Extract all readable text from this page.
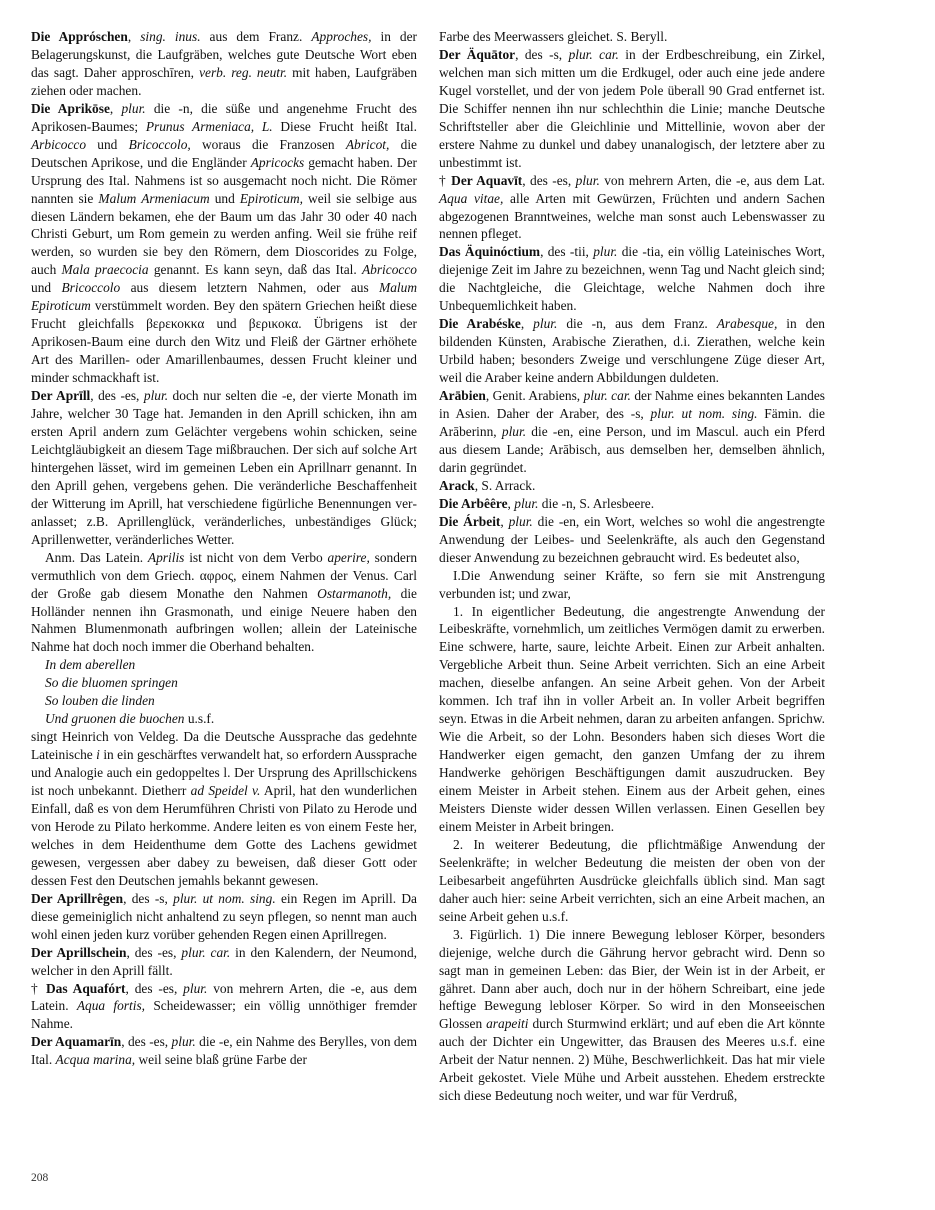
Die Appróschen, sing. inus. aus dem Franz. Approches, in der Belagerungskunst, die Laufgräben, welches gute Deutsche Wort eben das sagt. Daher approschīren, verb. reg. neutr. mit haben, Laufgräben ziehen oder machen.

Die Aprikōse, plur. die -n, die süße und angenehme Frucht des Aprikosen-Baumes; Prunus Armeniaca, L. Diese Frucht heißt Ital. Arbicocco und Bricoccolo, woraus die Franzosen Abricot, die Deutschen Aprikose, und die Engländer Apricocks gemacht haben. Der Ursprung des Ital. Nahmens ist so ausgemacht noch nicht. Die Römer nannten sie Malum Armeniacum und Epiroticum, weil sie selbige aus diesen Ländern bekamen, ehe der Baum um das Jahr 30 oder 40 nach Christi Geburt, um Rom gemein zu werden anfing. Weil sie frühe reif werden, so wurden sie bey den Römern, dem Dioscorides zu Folge, auch Mala praecocia genannt. Es kann seyn, daß das Ital. Abricocco und Bricoccolo aus diesem letztern Nahmen, oder aus Malum Epiroticum verstümmelt worden. Bey den spätern Griechen heißt diese Frucht gleichfalls βερεκοκκα und βερικοκα. Übrigens ist der Aprikosen-Baum eine durch den Witz und Fleiß der Gärtner erhöhete Art des Marillen- oder Amarillenbaumes, dessen Frucht kleiner und minder schmackhaft ist.

Der Aprīll, des -es, plur. doch nur selten die -e, der vierte Monath im Jahre, welcher 30 Tage hat. Jemanden in den Aprill schicken, ihn am ersten April andern zum Gelächter vergebens wohin schicken, seine Leichtgläubigkeit an diesem Tage mißbrauchen. Der sich auf solche Art hintergehen lässet, wird im gemeinen Leben ein Aprillnarr genannt. In den Aprill gehen, vergebens gehen. Die veränderliche Beschaffenheit der Witterung im Aprill, hat verschiedene figürliche Benennungen veranlasset; z.B. Aprillenglück, veränderliches, unbeständiges Glück; Aprillenwetter, veränderliches Wetter.

Anm. Das Latein. Aprilis ist nicht von dem Verbo aperire, sondern vermuthlich von dem Griech. αφρος, einem Nahmen der Venus. Carl der Große gab diesem Monathe den Nahmen Ostarmanoth, die Holländer nennen ihn Grasmonath, und einige Neuere haben den Nahmen Blumenmonath aufbringen wollen; allein der Lateinische Nahme hat doch noch immer die Oberhand behalten.

In dem aberellen

So die bluomen springen

So louben die linden

Und gruonen die buochen u.s.f.

singt Heinrich von Veldeg. Da die Deutsche Aussprache das gedehnte Lateinische i in ein geschärftes verwandelt hat, so erfordern Aussprache und Analogie auch ein gedoppeltes l. Der Ursprung des Aprillschickens ist noch unbekannt. Dietherr ad Speidel v. April, hat den wunderlichen Einfall, daß es von dem Herumführen Christi von Pilato zu Herode und von Herode zu Pilato herkomme. Andere leiten es von einem Feste her, welches in dem Heidenthume dem Gotte des Lachens gewidmet gewesen, vergessen aber dabey zu beweisen, daß dieser Gott oder dessen Fest den Deutschen jemahls bekannt gewesen.

Der Aprillrêgen, des -s, plur. ut nom. sing. ein Regen im Aprill. Da diese gemeiniglich nicht anhaltend zu seyn pflegen, so nennt man auch wohl einen jeden kurz vorüber gehenden Regen einen Aprillregen.

Der Aprillschein, des -es, plur. car. in den Kalendern, der Neumond, welcher in den Aprill fällt.

† Das Aquafórt, des -es, plur. von mehrern Arten, die -e, aus dem Latein. Aqua fortis, Scheidewasser; ein völlig unnöthiger fremder Nahme.

Der Aquamarīn, des -es, plur. die -e, ein Nahme des Berylles, von dem Ital. Acqua marina, weil seine blaß grüne Farbe der

Farbe des Meerwassers gleichet. S. Beryll.

Der Äquātor, des -s, plur. car. in der Erdbeschreibung, ein Zirkel, welchen man sich mitten um die Erdkugel, oder auch eine jede andere Kugel vorstellet, und der von jedem Pole überall 90 Grad entfernet ist. Die Schiffer nennen ihn nur schlechthin die Linie; manche Deutsche Schriftsteller aber die Gleichlinie und Mittellinie, wovon aber der erstere Nahme zu dunkel und dabey unanalogisch, der letztere aber zu unbestimmt ist.

† Der Aquavīt, des -es, plur. von mehrern Arten, die -e, aus dem Lat. Aqua vitae, alle Arten mit Gewürzen, Früchten und andern Sachen abgezogenen Branntweines, welche man sonst auch Lebenswasser zu nennen pfleget.

Das Äquinóctium, des -tii, plur. die -tia, ein völlig Lateinisches Wort, diejenige Zeit im Jahre zu bezeichnen, wenn Tag und Nacht gleich sind; die Nachtgleiche, die Gleichtage, welche Nahmen doch ihre Unbequemlichkeit haben.

Die Arabéske, plur. die -n, aus dem Franz. Arabesque, in den bildenden Künsten, Arabische Zierathen, d.i. Zierathen, welche kein Urbild haben; besonders Zweige und verschlungene Züge dieser Art, weil die Araber keine andern Abbildungen duldeten.

Arābien, Genit. Arabiens, plur. car. der Nahme eines bekannten Landes in Asien. Daher der Araber, des -s, plur. ut nom. sing. Fämin. die Arāberinn, plur. die -en, eine Person, und im Mascul. auch ein Pferd aus diesem Lande; Arābisch, aus demselben her, demselben ähnlich, darin gegründet.

Arack, S. Arrack.

Die Arbêêre, plur. die -n, S. Arlesbeere.

Die Árbeit, plur. die -en, ein Wort, welches so wohl die angestrengte Anwendung der Leibes- und Seelenkräfte, als auch den Gegenstand dieser Anwendung zu bezeichnen gebraucht wird. Es bedeutet also,

I.Die Anwendung seiner Kräfte, so fern sie mit Anstrengung verbunden ist; und zwar,

1. In eigentlicher Bedeutung, die angestrengte Anwendung der Leibeskräfte, vornehmlich, um zeitliches Vermögen damit zu erwerben. Eine schwere, harte, saure, leichte Arbeit. Einen zur Arbeit anhalten. Vergebliche Arbeit thun. Seine Arbeit verrichten. Sich an eine Arbeit machen, dieselbe anfangen. An seine Arbeit gehen. Von der Arbeit kommen. Ich traf ihn in voller Arbeit an. In voller Arbeit begriffen seyn. Etwas in die Arbeit nehmen, daran zu arbeiten anfangen. Sprichw. Wie die Arbeit, so der Lohn. Besonders haben sich dieses Wort die Handwerker eigen gemacht, den ganzen Umfang der zu ihrem Handwerke gehörigen Beschäftigungen damit auszudrucken. Bey einem Meister in Arbeit stehen. Einem aus der Arbeit gehen, eines Meisters Dienste wider dessen Willen verlassen. Einen Gesellen bey einem Meister in Arbeit bringen.

2. In weiterer Bedeutung, die pflichtmäßige Anwendung der Seelenkräfte; in welcher Bedeutung die meisten der oben von der Leibesarbeit angeführten Ausdrücke gleichfalls üblich sind. Man sagt daher auch hier: seine Arbeit verrichten, sich an eine Arbeit machen, an seine Arbeit gehen u.s.f.

3. Figürlich. 1) Die innere Bewegung lebloser Körper, besonders diejenige, welche durch die Gährung hervor gebracht wird. Denn so sagt man in gemeinen Leben: das Bier, der Wein ist in der Arbeit, er gähret. Dann aber auch, doch nur in der höhern Schreibart, eine jede heftige Bewegung lebloser Körper. So wird in den Monseeischen Glossen arapeiti durch Sturmwind erklärt; und auf eben die Art könnte auch der Dichter ein Ungewitter, das Brausen des Meeres u.s.f. eine Arbeit der Natur nennen. 2) Mühe, Beschwerlichkeit. Das hat mir viele Arbeit gekostet. Viele Mühe und Arbeit ausstehen. Ehedem erstreckte sich diese Bedeutung noch weiter, und war für Verdruß,

208
